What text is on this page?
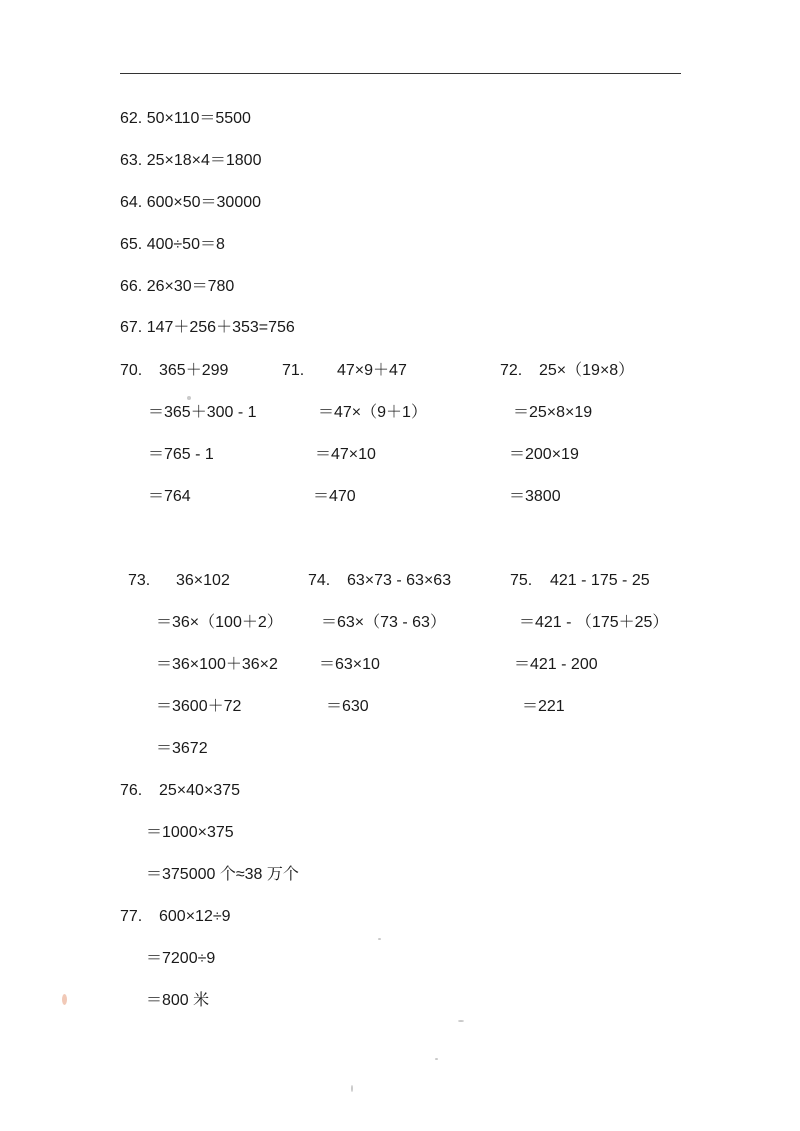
62. 50×110＝5500
63. 25×18×4＝1800
64. 600×50＝30000
65. 400÷50＝8
66. 26×30＝780
67. 147＋256＋353=756
70. 365＋299
＝365＋300 - 1
＝765 - 1
＝764
71. 47×9＋47
＝47×（9＋1）
＝47×10
＝470
72. 25×（19×8）
＝25×8×19
＝200×19
＝3800
73. 36×102
＝36×（100＋2）
＝36×100＋36×2
＝3600＋72
＝3672
74. 63×73 - 63×63
＝63×（73 - 63）
＝63×10
＝630
75. 421 - 175 - 25
＝421 - （175＋25）
＝421 - 200
＝221
76. 25×40×375
＝1000×375
＝375000 个≈38 万个
77. 600×12÷9
＝7200÷9
＝800 米
